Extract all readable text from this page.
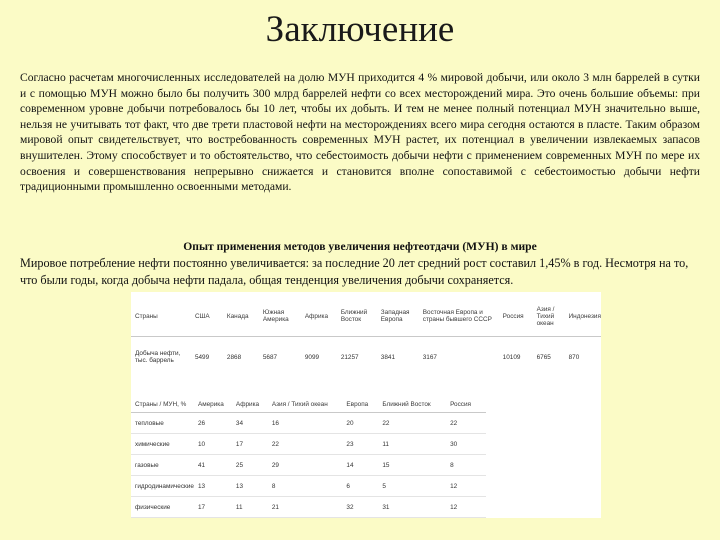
Заключение
Согласно расчетам многочисленных исследователей на долю МУН приходится 4 % мировой добычи, или около 3 млн баррелей в сутки и с помощью МУН можно было бы получить 300 млрд баррелей нефти со всех месторождений мира. Это очень большие объемы: при современном уровне добычи потребовалось бы 10 лет, чтобы их добыть. И тем не менее полный потенциал МУН значительно выше, нельзя не учитывать тот факт, что две трети пластовой нефти на месторождениях всего мира сегодня остаются в пласте. Таким образом мировой опыт свидетельствует, что востребованность современных МУН растет, их потенциал в увеличении извлекаемых запасов внушителен. Этому способствует и то обстоятельство, что себестоимость добычи нефти с применением современных МУН по мере их освоения и совершенствования непрерывно снижается и становится вполне сопоставимой с себестоимостью добычи нефти традиционными промышленно освоенными методами.
Опыт применения методов увеличения нефтеотдачи (МУН) в мире
Мировое потребление нефти постоянно увеличивается: за последние 20 лет средний рост составил 1,45% в год. Несмотря на то, что были годы, когда добыча нефти падала, общая тенденция увеличения добычи сохраняется.
Страны	США	Канада	Южная Америка	Африка	Ближний Восток	Западная Европа	Восточная Европа и страны бывшего СССР	Россия	Азия / Тихий океан	Индонезия
Добыча нефти, тыс. баррель	5499	2868	5687	9099	21257	3841	3167	10109	6765	870
Страны / МУН, %	Америка	Африка	Азия / Тихий океан	Европа	Ближний Восток	Россия
тепловые	26	34	16	20	22	22
химические	10	17	22	23	11	30
газовые	41	25	29	14	15	8
гидродинамические	13	13	8	6	5	12
физические	17	11	21	32	31	12
